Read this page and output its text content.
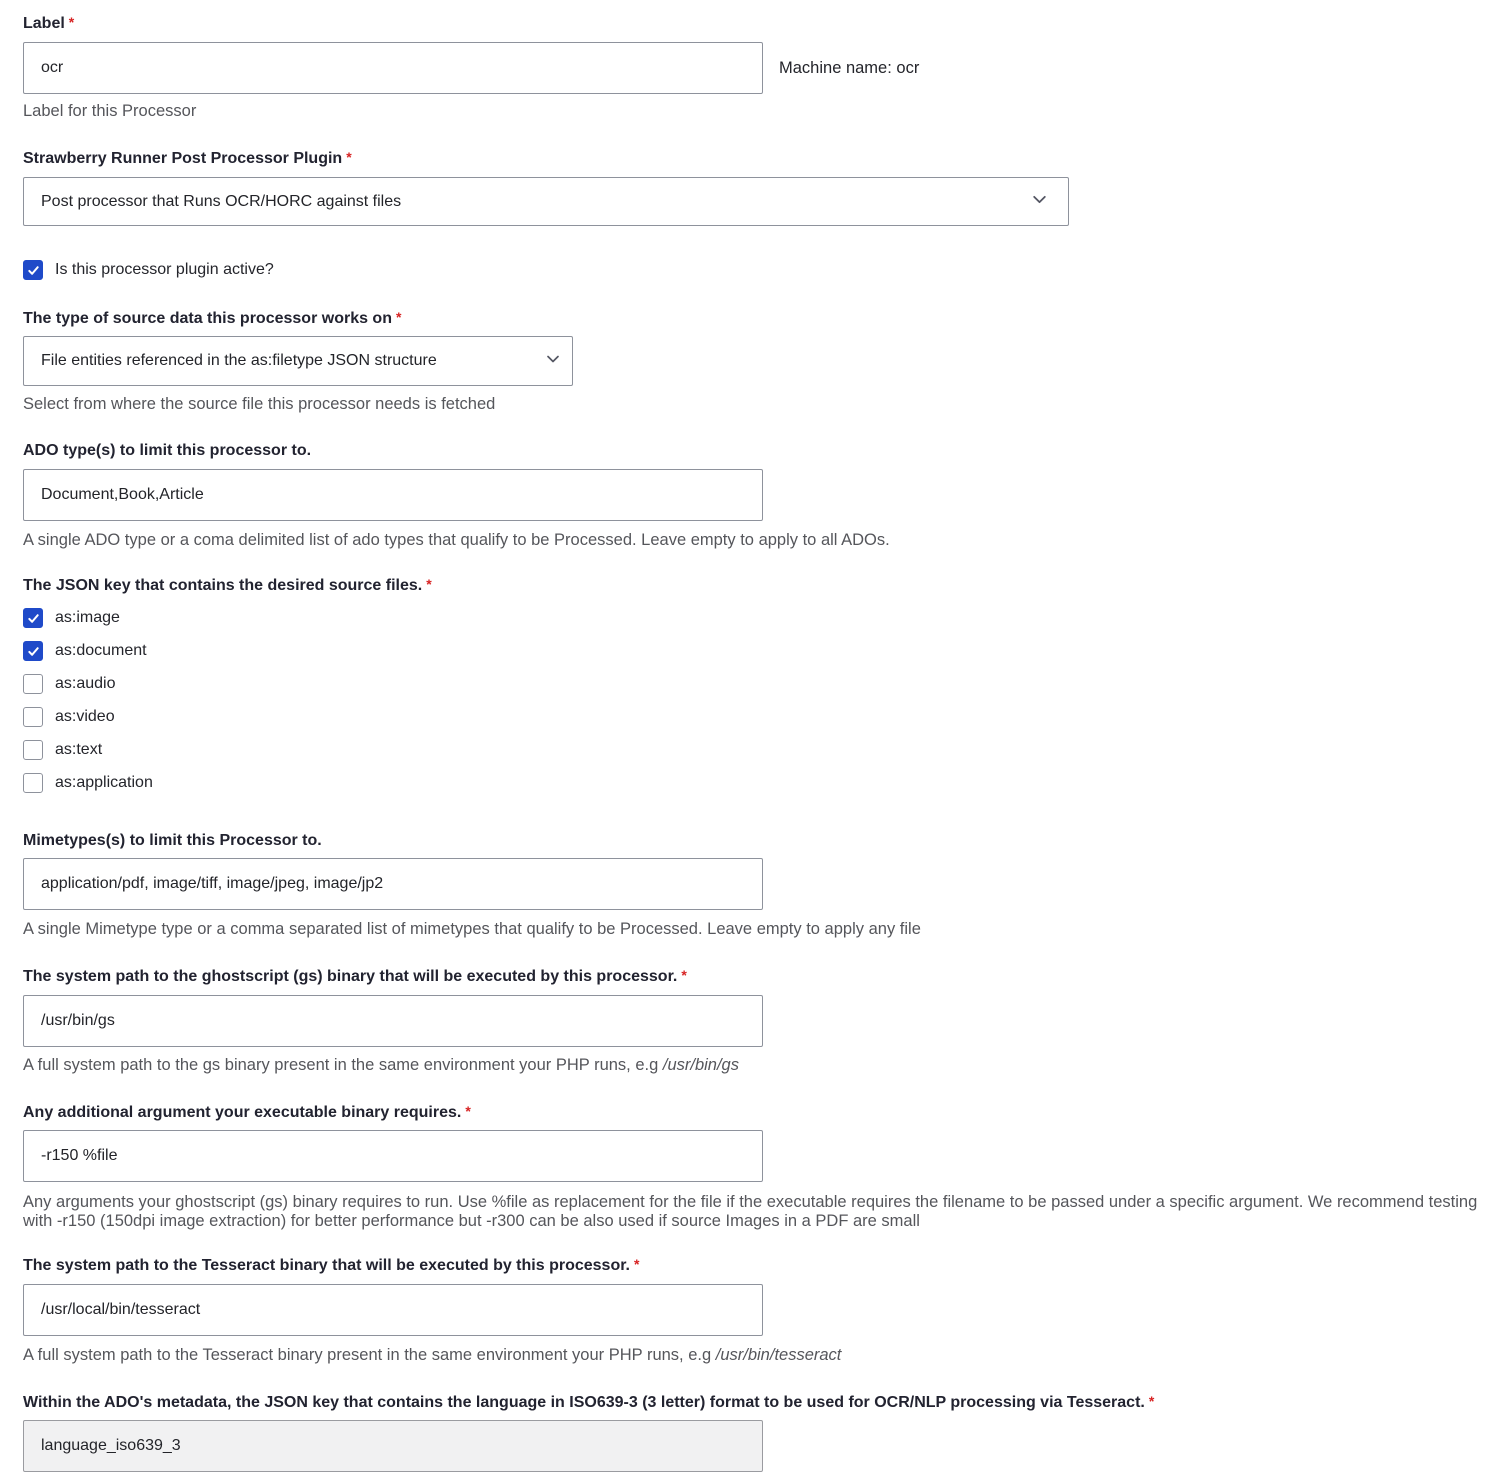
Label *
ocr	Machine name: ocr
Label for this Processor
Strawberry Runner Post Processor Plugin *
Post processor that Runs OCR/HORC against files
Is this processor plugin active?
The type of source data this processor works on *
File entities referenced in the as:filetype JSON structure
Select from where the source file this processor needs is fetched
ADO type(s) to limit this processor to.
Document,Book,Article
A single ADO type or a coma delimited list of ado types that qualify to be Processed. Leave empty to apply to all ADOs.
The JSON key that contains the desired source files. *
as:image
as:document
as:audio
as:video
as:text
as:application
Mimetypes(s) to limit this Processor to.
application/pdf, image/tiff, image/jpeg, image/jp2
A single Mimetype type or a comma separated list of mimetypes that qualify to be Processed. Leave empty to apply any file
The system path to the ghostscript (gs) binary that will be executed by this processor. *
/usr/bin/gs
A full system path to the gs binary present in the same environment your PHP runs, e.g /usr/bin/gs
Any additional argument your executable binary requires. *
-r150 %file
Any arguments your ghostscript (gs) binary requires to run. Use %file as replacement for the file if the executable requires the filename to be passed under a specific argument. We recommend testing with -r150 (150dpi image extraction) for better performance but -r300 can be also used if source Images in a PDF are small
The system path to the Tesseract binary that will be executed by this processor. *
/usr/local/bin/tesseract
A full system path to the Tesseract binary present in the same environment your PHP runs, e.g /usr/bin/tesseract
Within the ADO's metadata, the JSON key that contains the language in ISO639-3 (3 letter) format to be used for OCR/NLP processing via Tesseract. *
language_iso639_3
